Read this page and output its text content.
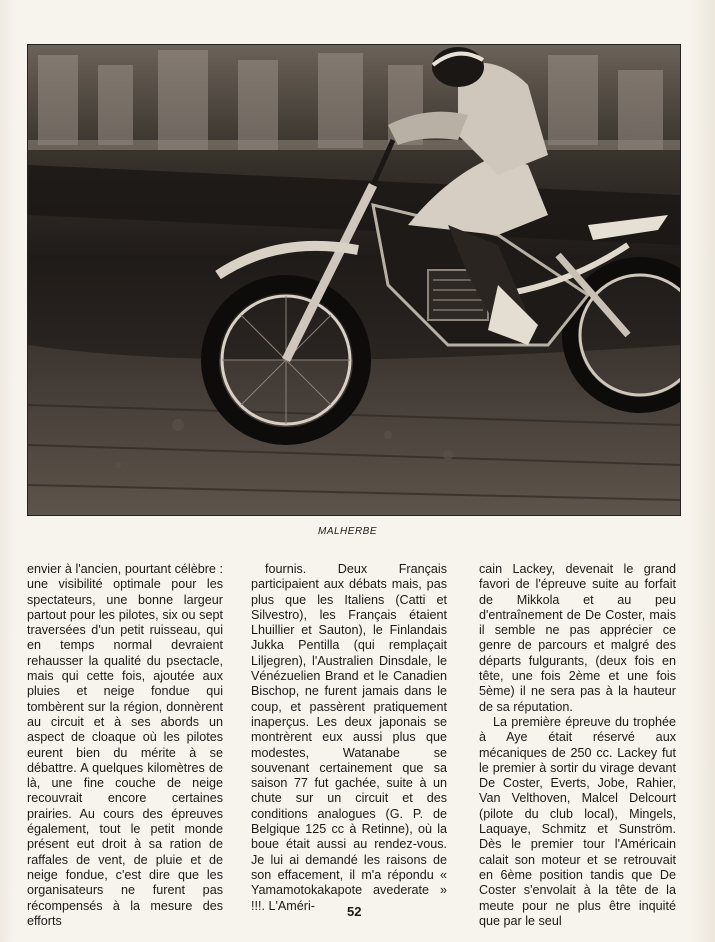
MALHERBE

envier à l'ancien, pourtant célèbre : une visibilité optimale pour les spectateurs, une bonne largeur partout pour les pilotes, six ou sept traversées d'un petit ruisseau, qui en temps normal devraient rehausser la qualité du psectacle, mais qui cette fois, ajoutée aux pluies et neige fondue qui tombèrent sur la région, donnèrent au circuit et à ses abords un aspect de cloaque où les pilotes eurent bien du mérite à se débattre. A quelques kilomètres de là, une fine couche de neige recouvrait encore certaines prairies. Au cours des épreuves également, tout le petit monde présent eut droit à sa ration de raffales de vent, de pluie et de neige fondue, c'est dire que les organisateurs ne furent pas récompensés à la mesure des efforts

fournis. Deux Français participaient aux débats mais, pas plus que les Italiens (Catti et Silvestro), les Français étaient Lhuillier et Sauton), le Finlandais Jukka Pentilla (qui remplaçait Liljegren), l'Australien Dinsdale, le Vénézuelien Brand et le Canadien Bischop, ne furent jamais dans le coup, et passèrent pratiquement inaperçus. Les deux japonais se montrèrent eux aussi plus que modestes, Watanabe se souvenant certainement que sa saison 77 fut gachée, suite à un chute sur un circuit et des conditions analogues (G. P. de Belgique 125 cc à Retinne), où la boue était aussi au rendez-vous. Je lui ai demandé les raisons de son effacement, il m'a répondu « Yamamotokakapote avederate » !!!. L'Améri-

cain Lackey, devenait le grand favori de l'épreuve suite au forfait de Mikkola et au peu d'entraînement de De Coster, mais il semble ne pas apprécier ce genre de parcours et malgré des départs fulgurants, (deux fois en tête, une fois 2ème et une fois 5ème) il ne sera pas à la hauteur de sa réputation.

La première épreuve du trophée à Aye était réservé aux mécaniques de 250 cc. Lackey fut le premier à sortir du virage devant De Coster, Everts, Jobe, Rahier, Van Velthoven, Malcel Delcourt (pilote du club local), Mingels, Laquaye, Schmitz et Sunström. Dès le premier tour l'Américain calait son moteur et se retrouvait en 6ème position tandis que De Coster s'envolait à la tête de la meute pour ne plus être inquité que par le seul

52
